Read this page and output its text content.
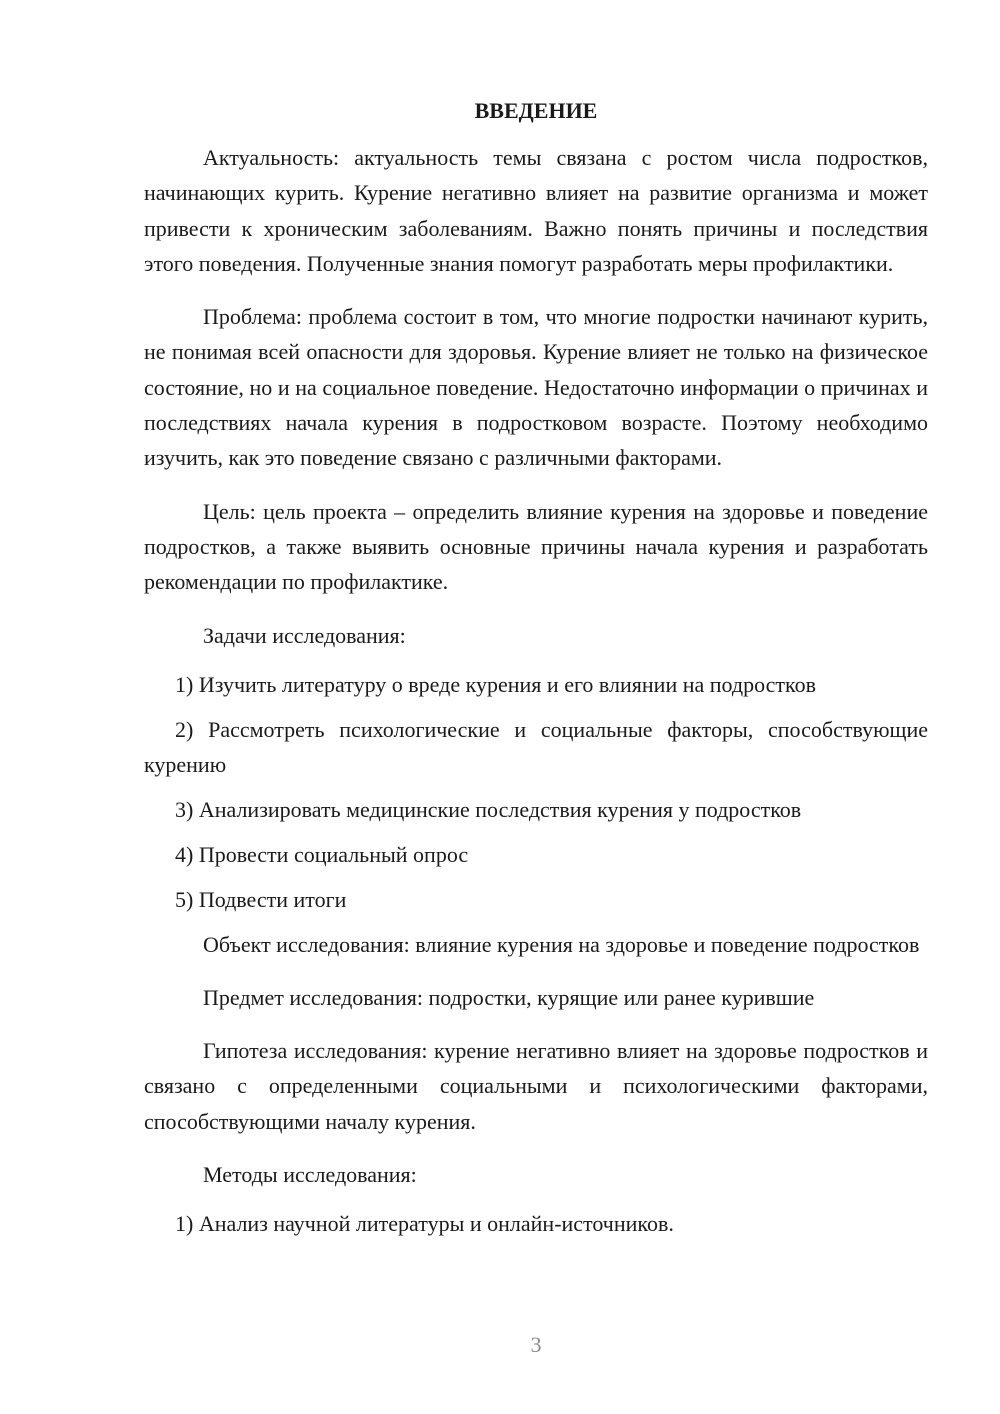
ВВЕДЕНИЕ

Актуальность: актуальность темы связана с ростом числа подростков, начинающих курить. Курение негативно влияет на развитие организма и может привести к хроническим заболеваниям. Важно понять причины и последствия этого поведения. Полученные знания помогут разработать меры профилактики.

Проблема: проблема состоит в том, что многие подростки начинают курить, не понимая всей опасности для здоровья. Курение влияет не только на физическое состояние, но и на социальное поведение. Недостаточно информации о причинах и последствиях начала курения в подростковом возрасте. Поэтому необходимо изучить, как это поведение связано с различными факторами.

Цель: цель проекта – определить влияние курения на здоровье и поведение подростков, а также выявить основные причины начала курения и разработать рекомендации по профилактике.

Задачи исследования:

1) Изучить литературу о вреде курения и его влиянии на подростков

2) Рассмотреть психологические и социальные факторы, способствующие курению

3) Анализировать медицинские последствия курения у подростков

4) Провести социальный опрос

5) Подвести итоги

Объект исследования: влияние курения на здоровье и поведение подростков

Предмет исследования: подростки, курящие или ранее курившие

Гипотеза исследования: курение негативно влияет на здоровье подростков и связано с определенными социальными и психологическими факторами, способствующими началу курения.

Методы исследования:

1) Анализ научной литературы и онлайн-источников.

3
